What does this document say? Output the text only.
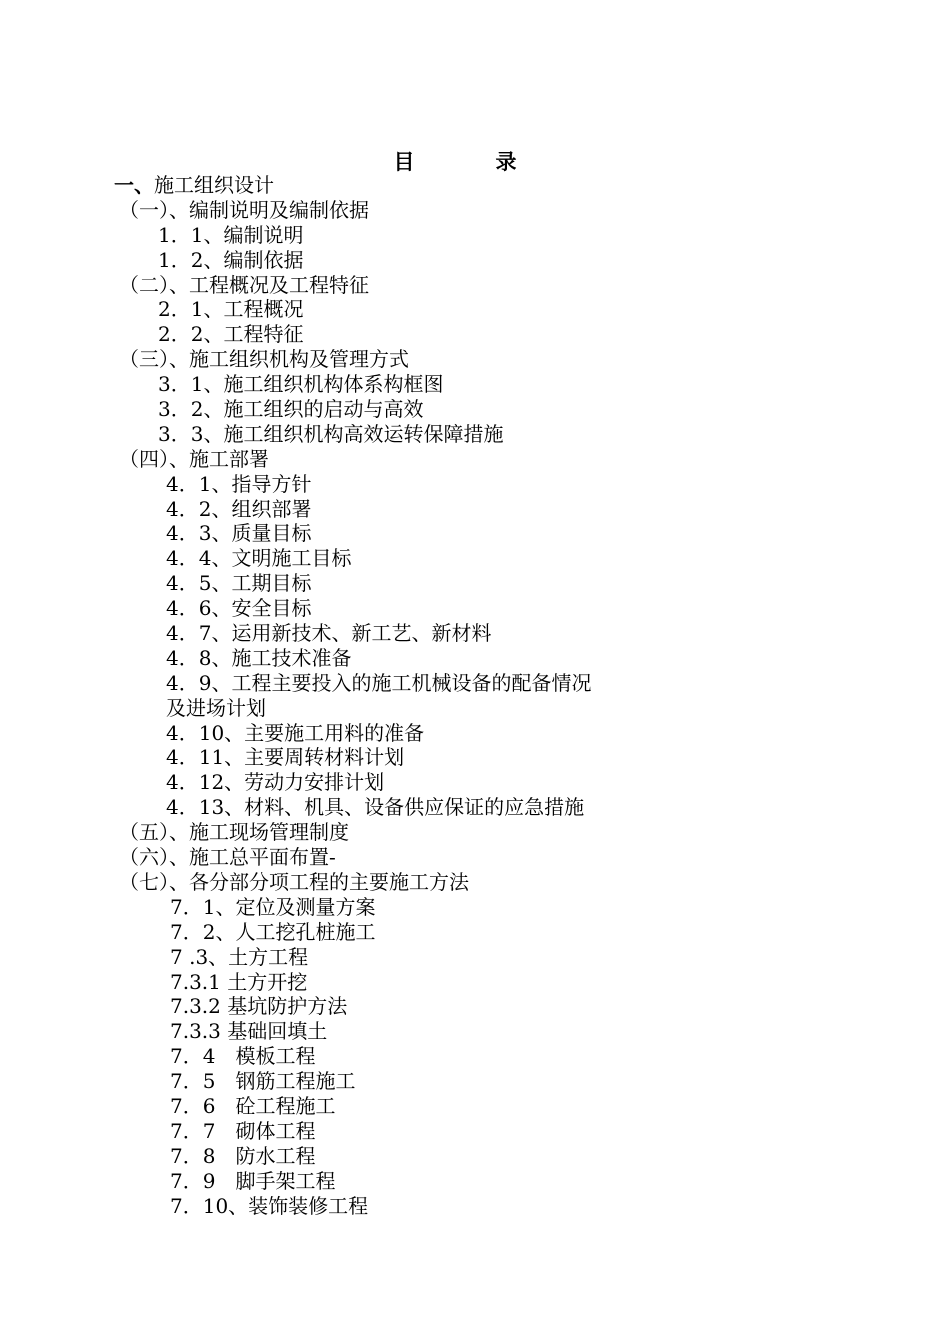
目　录
一、施工组织设计
（一）、编制说明及编制依据
1．1、编制说明
1．2、编制依据
（二）、工程概况及工程特征
2．1、工程概况
2．2、工程特征
（三）、施工组织机构及管理方式
3．1、施工组织机构体系构框图
3．2、施工组织的启动与高效
3．3、施工组织机构高效运转保障措施
（四）、施工部署
4．1、指导方针
4．2、组织部署
4．3、质量目标
4．4、文明施工目标
4．5、工期目标
4．6、安全目标
4．7、运用新技术、新工艺、新材料
4．8、施工技术准备
4．9、工程主要投入的施工机械设备的配备情况
及进场计划
4．10、主要施工用料的准备
4．11、主要周转材料计划
4．12、劳动力安排计划
4．13、材料、机具、设备供应保证的应急措施
（五）、施工现场管理制度
（六）、施工总平面布置-
（七）、各分部分项工程的主要施工方法
7．1、定位及测量方案
7．2、人工挖孔桩施工
7 .3、土方工程
7.3.1 土方开挖
7.3.2 基坑防护方法
7.3.3 基础回填土
7．4　模板工程
7．5　钢筋工程施工
7．6　砼工程施工
7．7　砌体工程
7．8　防水工程
7．9　脚手架工程
7．10、装饰装修工程
